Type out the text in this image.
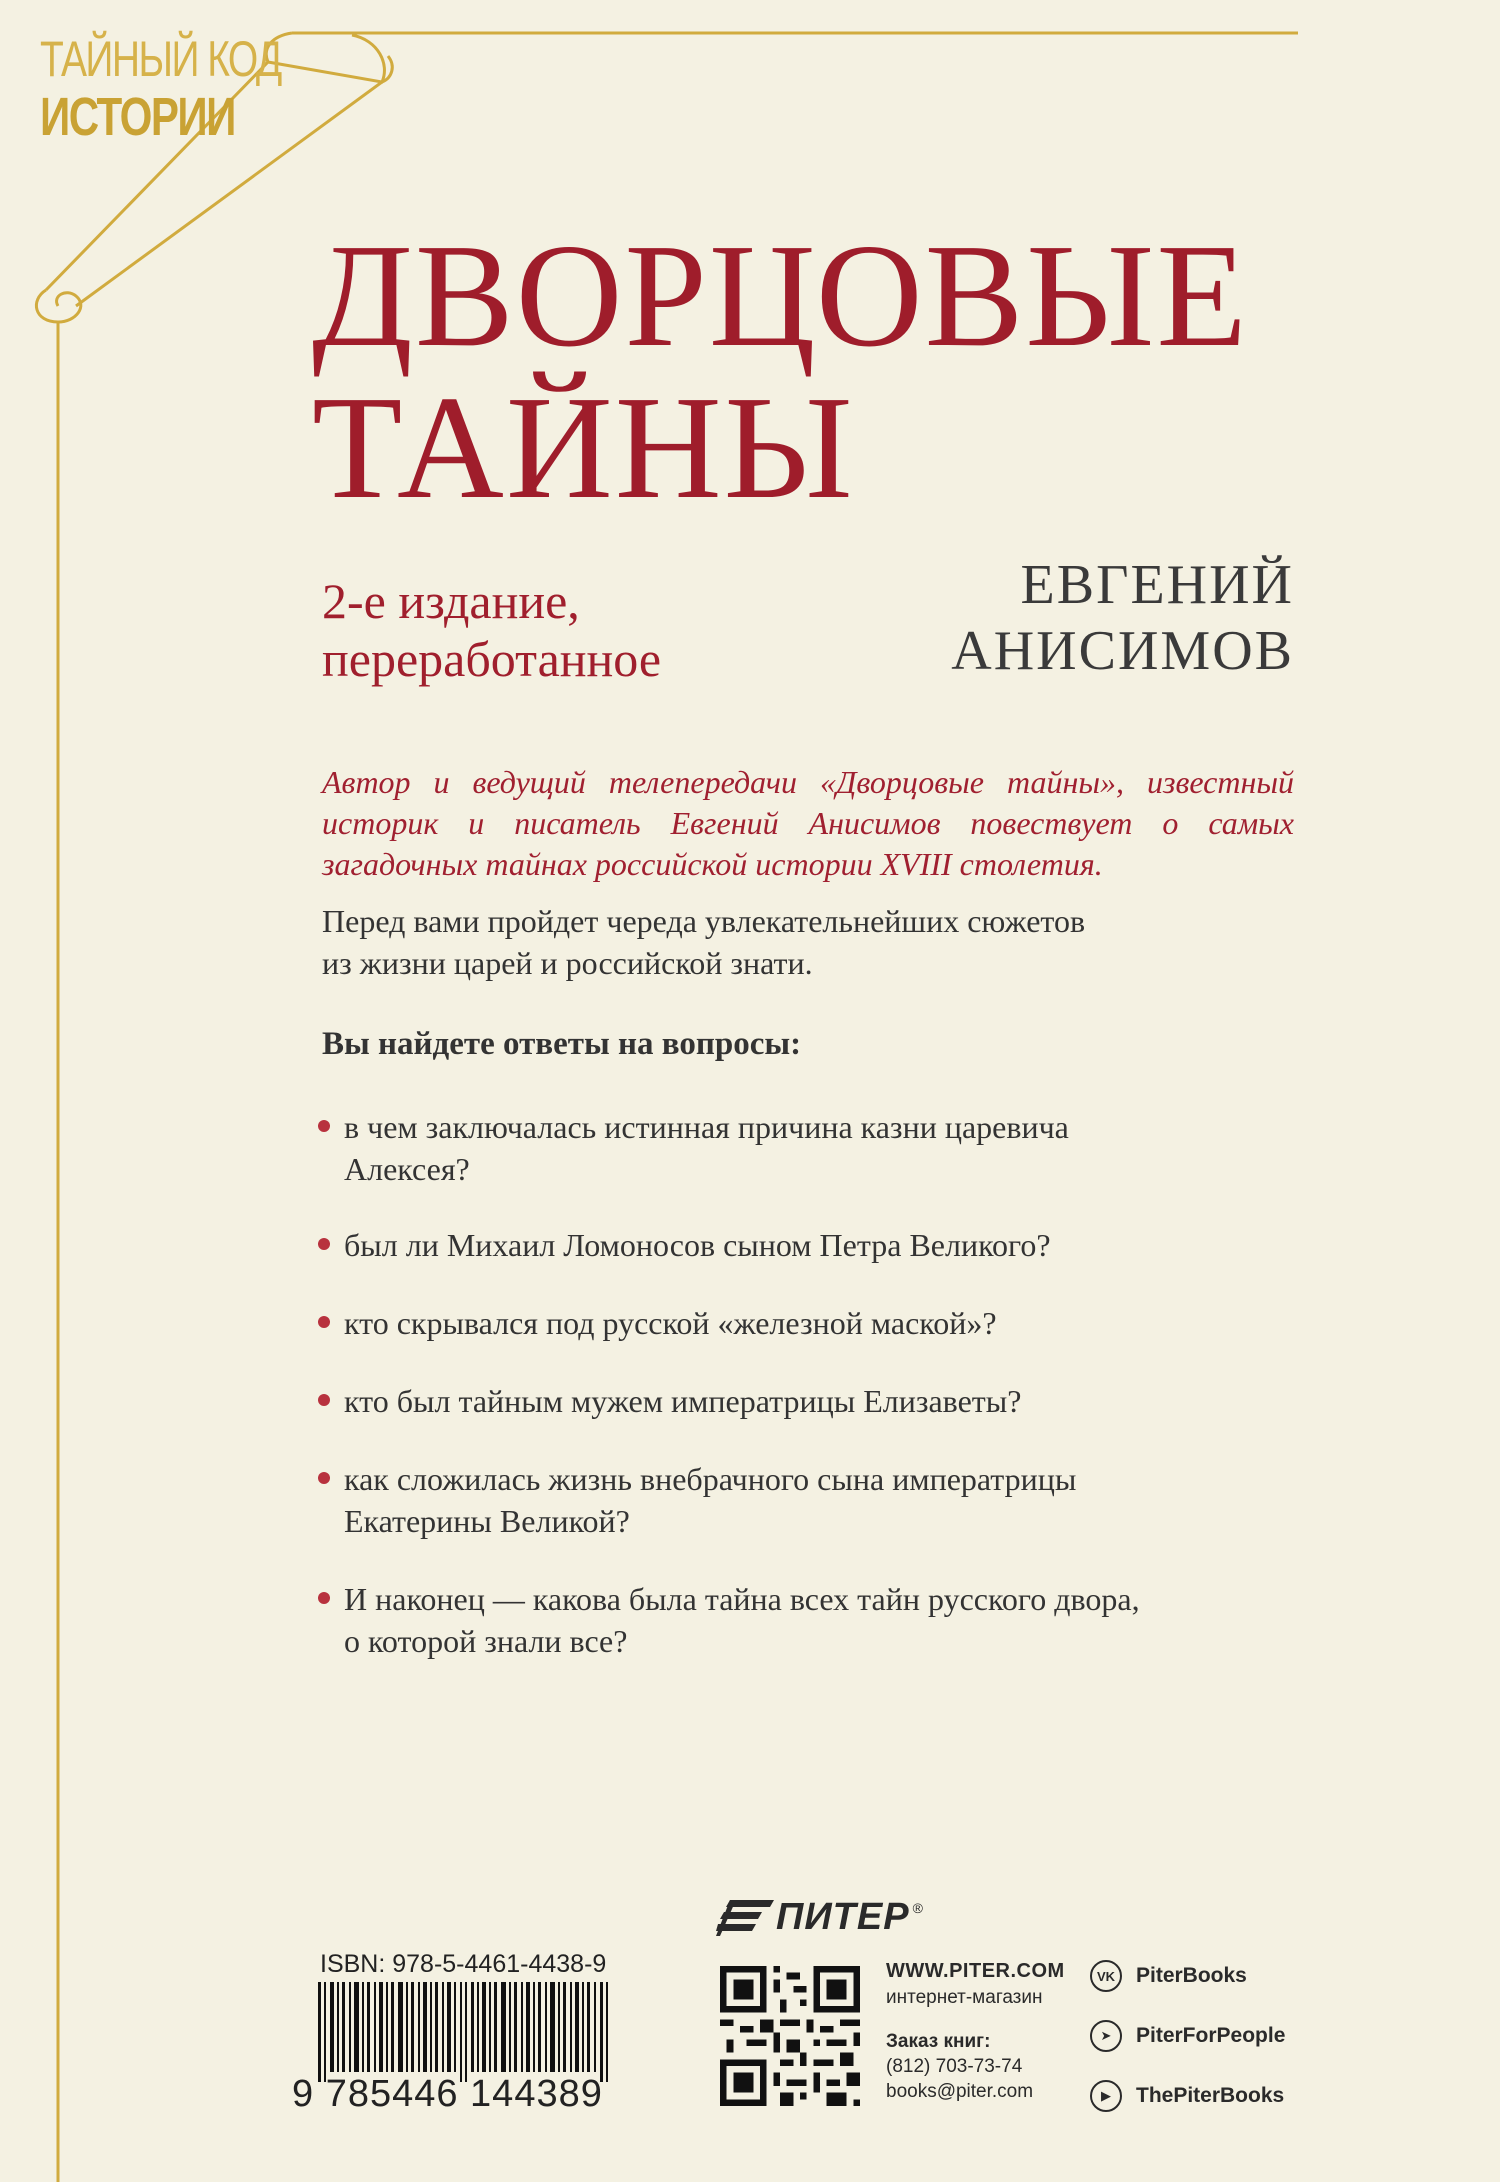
ТАЙНЫЙ КОД
ИСТОРИИ
ДВОРЦОВЫЕ
ТАЙНЫ
2-е издание,
переработанное
ЕВГЕНИЙ
АНИСИМОВ

Автор и ведущий телепередачи «Дворцовые тайны», известный
историк и писатель Евгений Анисимов повествует о самых
загадочных тайнах российской истории XVIII столетия.

Перед вами пройдет череда увлекательнейших сюжетов
из жизни царей и российской знати.

Вы найдете ответы на вопросы:
в чем заключалась истинная причина казни царевича
Алексея?
был ли Михаил Ломоносов сыном Петра Великого?
кто скрывался под русской «железной маской»?
кто был тайным мужем императрицы Елизаветы?
как сложилась жизнь внебрачного сына императрицы
Екатерины Великой?
И наконец — какова была тайна всех тайн русского двора,
о которой знали все?
ISBN: 978-5-4461-4438-9
9 785446 144389
ПИТЕР ®
WWW.PITER.COM
интернет-магазин
Заказ книг:
(812) 703-73-74
books@piter.com
VK PiterBooks
➤	PiterForPeople
▶	ThePiterBooks
